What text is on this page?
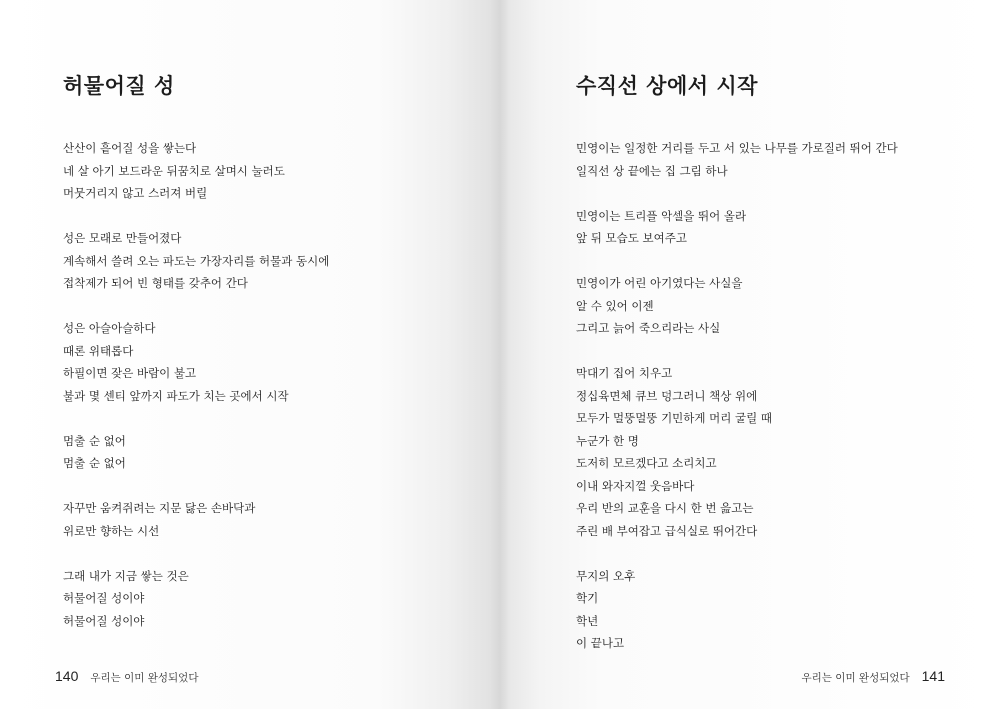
허물어질 성
산산이 흩어질 성을 쌓는다
네 살 아기 보드라운 뒤꿈치로 살며시 눌러도
머뭇거리지 않고 스러져 버릴
성은 모래로 만들어졌다
계속해서 쓸려 오는 파도는 가장자리를 허물과 동시에
접착제가 되어 빈 형태를 갖추어 간다
성은 아슬아슬하다
때론 위태롭다
하필이면 잦은 바람이 불고
불과 몇 센티 앞까지 파도가 치는 곳에서 시작
멈출 순 없어
멈출 순 없어
자꾸만 움켜쥐려는 지문 닳은 손바닥과
위로만 향하는 시선
그래 내가 지금 쌓는 것은
허물어질 성이야
허물어질 성이야
140 우리는 이미 완성되었다
수직선 상에서 시작
민영이는 일정한 거리를 두고 서 있는 나무를 가로질러 뛰어 간다
일직선 상 끝에는 집 그림 하나
민영이는 트리플 악셀을 뛰어 올라
앞 뒤 모습도 보여주고
민영이가 어린 아기였다는 사실을
알 수 있어 이젠
그리고 늙어 죽으리라는 사실
막대기 집어 치우고
정십육면체 큐브 덩그러니 책상 위에
모두가 멀뚱멀뚱 기민하게 머리 굴릴 때
누군가 한 명
도저히 모르겠다고 소리치고
이내 와자지껄 웃음바다
우리 반의 교훈을 다시 한 번 읊고는
주린 배 부여잡고 급식실로 뛰어간다
무지의 오후
학기
학년
이 끝나고
우리는 이미 완성되었다 141
